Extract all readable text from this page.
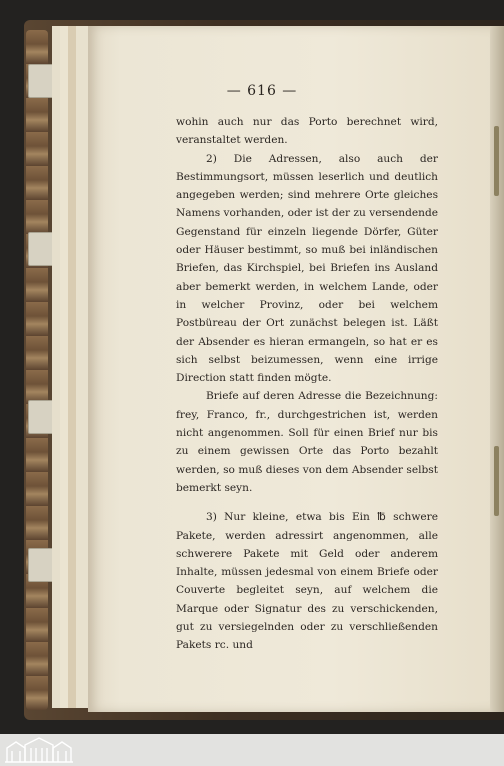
— 616 —

wohin auch nur das Porto berechnet wird, veranstaltet werden.

2) Die Adressen, also auch der Bestimmungsort, müssen leserlich und deutlich angegeben werden; sind mehrere Orte gleiches Namens vorhanden, oder ist der zu versendende Gegenstand für einzeln liegende Dörfer, Güter oder Häuser bestimmt, so muß bei inländischen Briefen, das Kirchspiel, bei Briefen ins Ausland aber bemerkt werden, in welchem Lande, oder in welcher Provinz, oder bei welchem Postbüreau der Ort zunächst belegen ist. Läßt der Absender es hieran ermangeln, so hat er es sich selbst beizumessen, wenn eine irrige Direction statt finden mögte.

Briefe auf deren Adresse die Bezeichnung: frey, Franco, fr., durchgestrichen ist, werden nicht angenommen. Soll für einen Brief nur bis zu einem gewissen Orte das Porto bezahlt werden, so muß dieses von dem Absender selbst bemerkt seyn.

3) Nur kleine, etwa bis Ein ℔ schwere Pakete, werden adressirt angenommen, alle schwerere Pakete mit Geld oder anderem Inhalte, müssen jedesmal von einem Briefe oder Couverte begleitet seyn, auf welchem die Marque oder Signatur des zu verschickenden, gut zu versiegelnden oder zu verschließenden Pakets rc. und
